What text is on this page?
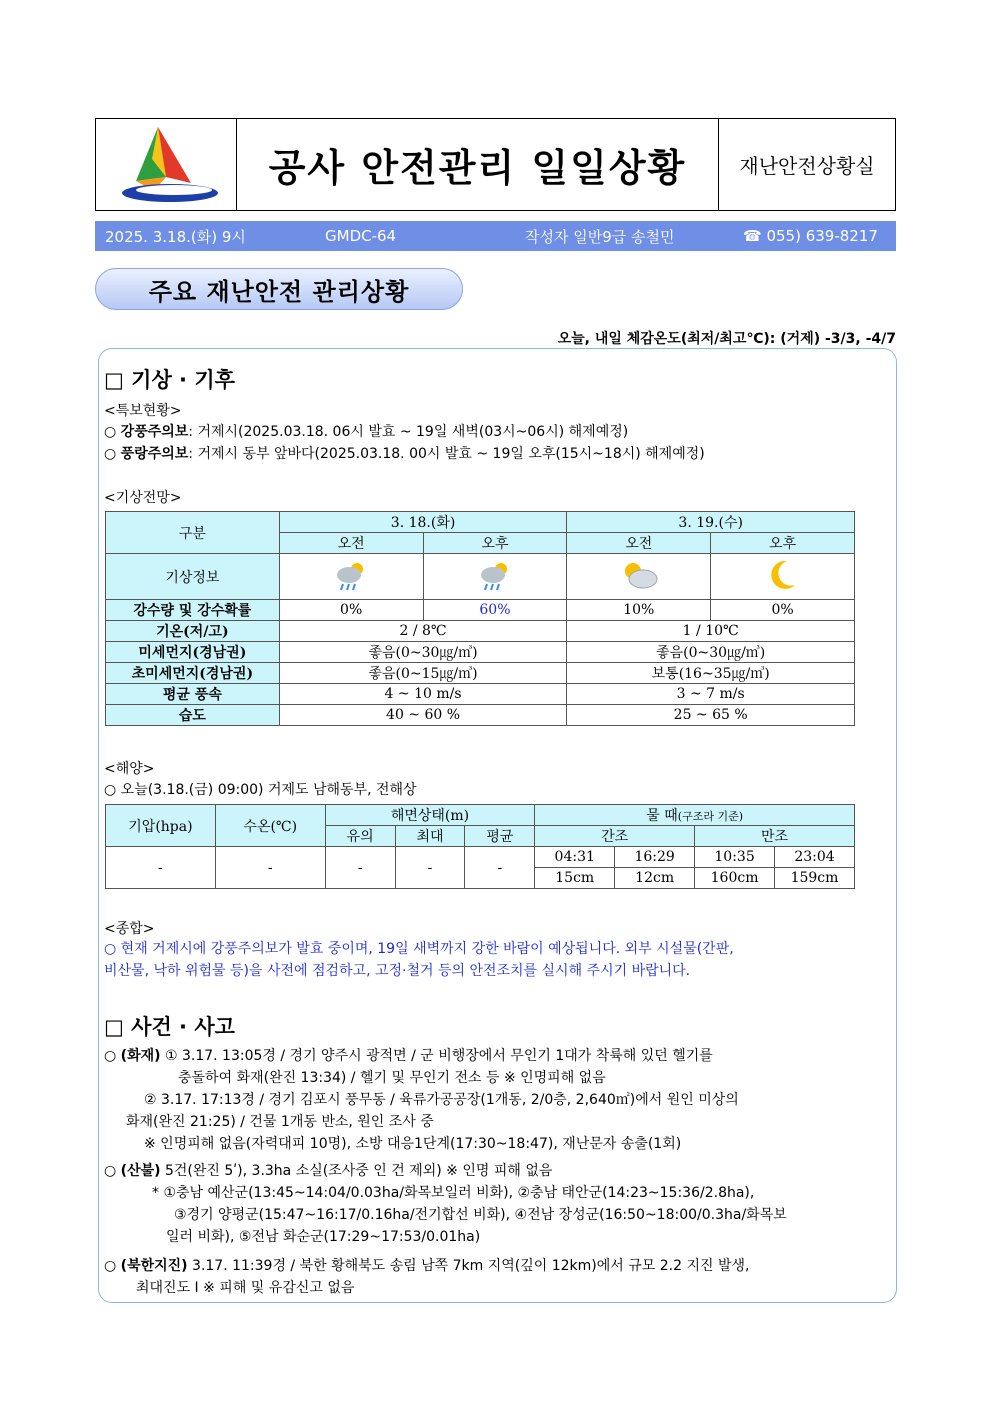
공사 안전관리 일일상황	재난안전상황실
2025. 3.18.(화) 9시	GMDC-64	작성자 일반9급 송철민	☎ 055) 639-8217
주요 재난안전 관리상황
오늘, 내일 체감온도(최저/최고℃): (거제) -3/3, -4/7
□ 기상 · 기후
<특보현황>
○ 강풍주의보: 거제시(2025.03.18. 06시 발효 ~ 19일 새벽(03시~06시) 해제예정)
○ 풍랑주의보: 거제시 동부 앞바다(2025.03.18. 00시 발효 ~ 19일 오후(15시~18시) 해제예정)
<기상전망>
구분	3. 18.(화)		3. 19.(수)	
	오전	오후	오전	오후
기상정보				
강수량 및 강수확률	0%	60%	10%	0%
기온(저/고)	2 / 8℃		1 / 10℃	
미세먼지(경남권)	좋음(0~30㎍/㎥)		좋음(0~30㎍/㎥)	
초미세먼지(경남권)	좋음(0~15㎍/㎥)		보통(16~35㎍/㎥)	
평균 풍속	4 ~ 10 m/s		3 ~ 7 m/s	
습도	40 ~ 60 %		25 ~ 65 %	
<해양>
○ 오늘(3.18.(금) 09:00) 거제도 남해동부, 전해상
기압(hpa)	수온(℃)	해면상태(m)			물 때(구조라 기준)			
		유의	최대	평균	간조		만조	
-	-	-	-	-	04:31	16:29	10:35	23:04
					15cm	12cm	160cm	159cm
<종합>
○ 현재 거제시에 강풍주의보가 발효 중이며, 19일 새벽까지 강한 바람이 예상됩니다. 외부 시설물(간판,
비산물, 낙하 위험물 등)을 사전에 점검하고, 고정·철거 등의 안전조치를 실시해 주시기 바랍니다.
□ 사건 · 사고
○ (화재) ① 3.17. 13:05경 / 경기 양주시 광적면 / 군 비행장에서 무인기 1대가 착륙해 있던 헬기를
충돌하여 화재(완진 13:34) / 헬기 및 무인기 전소 등 ※ 인명피해 없음
② 3.17. 17:13경 / 경기 김포시 풍무동 / 육류가공공장(1개동, 2/0층, 2,640㎡)에서 원인 미상의
화재(완진 21:25) / 건물 1개동 반소, 원인 조사 중
※ 인명피해 없음(자력대피 10명), 소방 대응1단계(17:30~18:47), 재난문자 송출(1회)
○ (산불) 5건(완진 5ʹ), 3.3ha 소실(조사중 인 건 제외) ※ 인명 피해 없음
* ①충남 예산군(13:45~14:04/0.03ha/화목보일러 비화), ②충남 태안군(14:23~15:36/2.8ha),
③경기 양평군(15:47~16:17/0.16ha/전기합선 비화), ④전남 장성군(16:50~18:00/0.3ha/화목보
일러 비화), ⑤전남 화순군(17:29~17:53/0.01ha)
○ (북한지진) 3.17. 11:39경 / 북한 황해북도 송림 남쪽 7km 지역(깊이 12km)에서 규모 2.2 지진 발생,
최대진도 I ※ 피해 및 유감신고 없음
